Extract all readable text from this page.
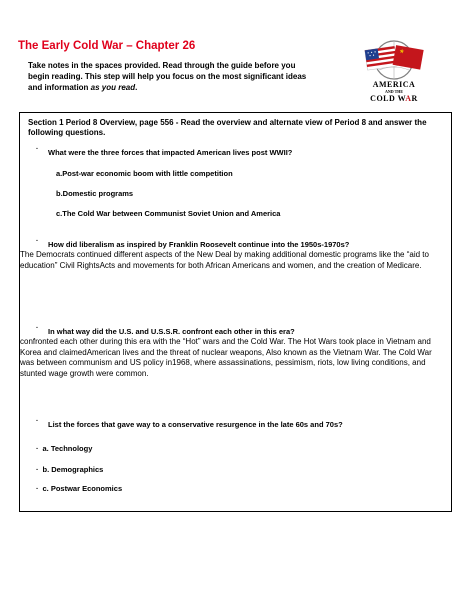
The Early Cold War – Chapter 26
Take notes in the spaces provided. Read through the guide before you begin reading. This step will help you focus on the most significant ideas and information as you read.
★
AMERICA
AND THE
COLD WAR
Section 1 Period 8 Overview, page 556 - Read the overview and alternate view of Period 8 and answer the following questions.
· What were the three forces that impacted American lives post WWII?
a.Post-war economic boom with little competition
b.Domestic programs
c.The Cold War between Communist Soviet Union and America
· How did liberalism as inspired by Franklin Roosevelt continue into the 1950s-1970s?
The Democrats continued different aspects of the New Deal by making additional domestic programs like the “aid to education” Civil RightsActs and movements for both African Americans and women, and the creation of Medicare.
· In what way did the U.S. and U.S.S.R. confront each other in this era?
confronted each other during this era with the “Hot” wars and the Cold War. The Hot Wars took place in Vietnam and Korea and claimedAmerican lives and the threat of nuclear weapons, Also known as the Vietnam War. The Cold War was between communism and US policy in1968, where assassinations, pessimism, riots, low living conditions, and stunted wage growth were common.
· List the forces that gave way to a conservative resurgence in the late 60s and 70s?
· a. Technology
· b. Demographics
· c. Postwar Economics
